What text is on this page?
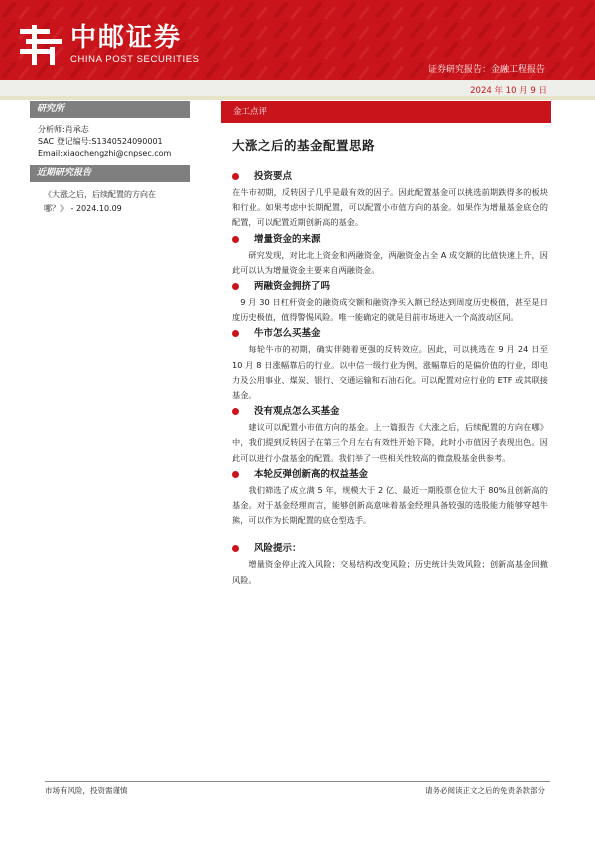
中邮证券
CHINA POST SECURITIES
证券研究报告：金融工程报告
2024 年 10 月 9 日
研究所
分析师:肖承志
SAC 登记编号:S1340524090001
Email:xiaochengzhi@cnpsec.com
近期研究报告
《大涨之后，后续配置的方向在
哪？》 - 2024.10.09
金工点评
大涨之后的基金配置思路
投资要点
在牛市初期，反转因子几乎是最有效的因子。因此配置基金可以挑选前期跌得多的板块和行业。如果考虑中长期配置，可以配置小市值方向的基金。如果作为增量基金底仓的配置，可以配置近期创新高的基金。
增量资金的来源
研究发现，对比北上资金和两融资金，两融资金占全 A 成交额的比值快速上升，因此可以认为增量资金主要来自两融资金。
两融资金拥挤了吗
9 月 30 日杠杆资金的融资成交额和融资净买入额已经达到周度历史极值，甚至是日度历史极值，值得警惕风险。唯一能确定的就是目前市场进入一个高波动区间。
牛市怎么买基金
每轮牛市的初期，确实伴随着更强的反转效应。因此，可以挑选在 9 月 24 日至 10 月 8 日涨幅靠后的行业。以中信一级行业为例，涨幅靠后的是偏价值的行业，即电力及公用事业、煤炭、银行、交通运输和石油石化。可以配置对应行业的 ETF 或其联接基金。
没有观点怎么买基金
建议可以配置小市值方向的基金。上一篇报告《大涨之后，后续配置的方向在哪》中，我们提到反转因子在第三个月左右有效性开始下降，此时小市值因子表现出色。因此可以进行小盘基金的配置。我们举了一些相关性较高的微盘股基金供参考。
本轮反弹创新高的权益基金
我们筛选了成立满 5 年，规模大于 2 亿、最近一期股票仓位大于 80%且创新高的基金。对于基金经理而言，能够创新高意味着基金经理具备较强的选股能力能够穿越牛熊，可以作为长期配置的底仓型选手。
风险提示：
增量资金停止流入风险；交易结构改变风险；历史统计失效风险；创新高基金回撤风险。
市场有风险，投资需谨慎	请务必阅读正文之后的免责条款部分
